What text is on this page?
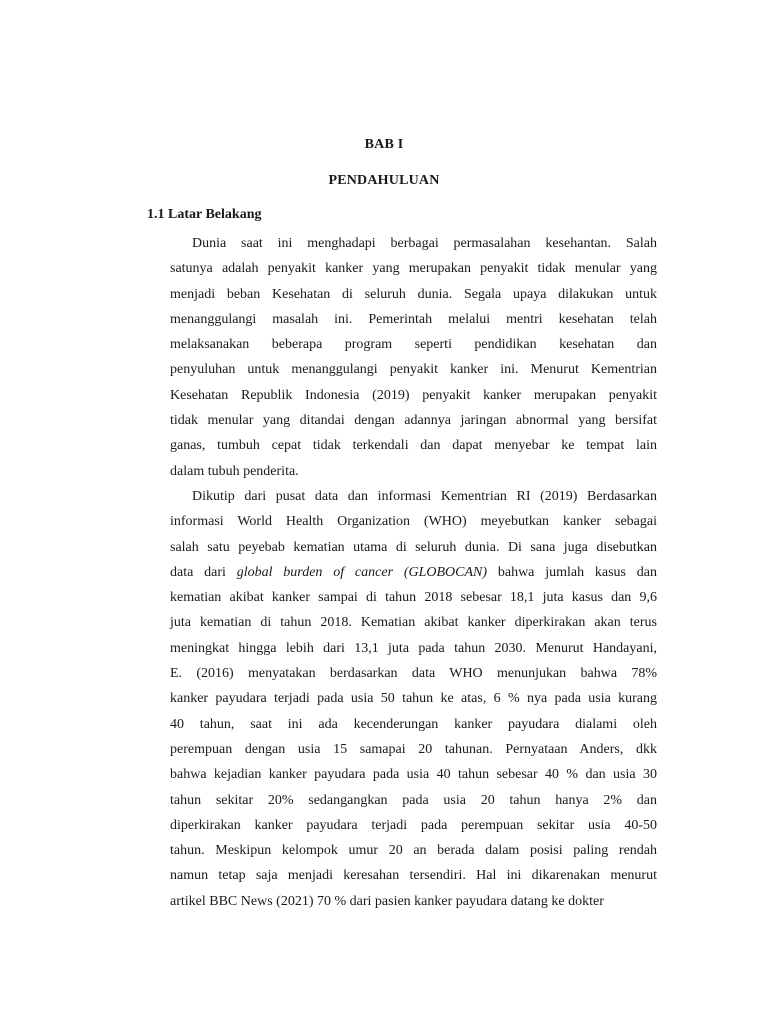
BAB I
PENDAHULUAN
1.1 Latar Belakang

Dunia saat ini menghadapi berbagai permasalahan kesehantan. Salah
satunya adalah penyakit kanker yang merupakan penyakit tidak menular yang
menjadi beban Kesehatan di seluruh dunia. Segala upaya dilakukan untuk
menanggulangi masalah ini. Pemerintah melalui mentri kesehatan telah
melaksanakan beberapa program seperti pendidikan kesehatan dan
penyuluhan untuk menanggulangi penyakit kanker ini. Menurut Kementrian
Kesehatan Republik Indonesia (2019) penyakit kanker merupakan penyakit
tidak menular yang ditandai dengan adannya jaringan abnormal yang bersifat
ganas, tumbuh cepat tidak terkendali dan dapat menyebar ke tempat lain
dalam tubuh penderita.

Dikutip dari pusat data dan informasi Kementrian RI (2019) Berdasarkan
informasi World Health Organization (WHO) meyebutkan kanker sebagai
salah satu peyebab kematian utama di seluruh dunia. Di sana juga disebutkan
data dari global burden of cancer (GLOBOCAN) bahwa jumlah kasus dan
kematian akibat kanker sampai di tahun 2018 sebesar 18,1 juta kasus dan 9,6
juta kematian di tahun 2018. Kematian akibat kanker diperkirakan akan terus
meningkat hingga lebih dari 13,1 juta pada tahun 2030. Menurut Handayani,
E. (2016) menyatakan berdasarkan data WHO menunjukan bahwa 78%
kanker payudara terjadi pada usia 50 tahun ke atas, 6 % nya pada usia kurang
40 tahun, saat ini ada kecenderungan kanker payudara dialami oleh
perempuan dengan usia 15 samapai 20 tahunan. Pernyataan Anders, dkk
bahwa kejadian kanker payudara pada usia 40 tahun sebesar 40 % dan usia 30
tahun sekitar 20% sedangangkan pada usia 20 tahun hanya 2% dan
diperkirakan kanker payudara terjadi pada perempuan sekitar usia 40-50
tahun. Meskipun kelompok umur 20 an berada dalam posisi paling rendah
namun tetap saja menjadi keresahan tersendiri. Hal ini dikarenakan menurut
artikel BBC News (2021) 70 % dari pasien kanker payudara datang ke dokter
